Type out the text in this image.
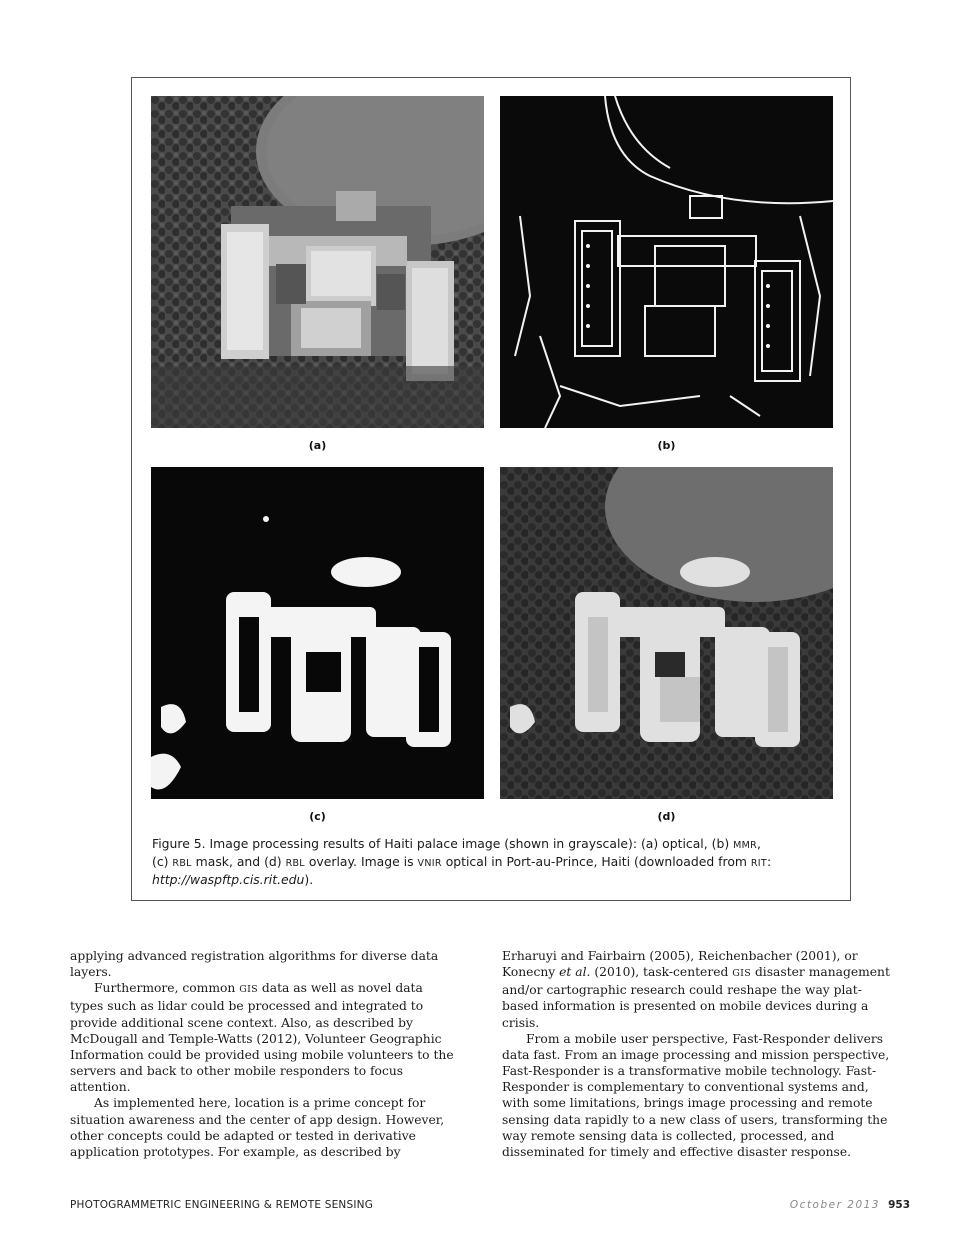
(a)	(b)
(c)	(d)
Figure 5. Image processing results of Haiti palace image (shown in grayscale): (a) optical, (b) MMR,
(c) RBL mask, and (d) RBL overlay. Image is VNIR optical in Port-au-Prince, Haiti (downloaded from RIT:
http://waspftp.cis.rit.edu).

applying advanced registration algorithms for diverse data layers.

Furthermore, common GIS data as well as novel data types such as lidar could be processed and integrated to provide additional scene context. Also, as described by McDougall and Temple-Watts (2012), Volunteer Geographic Information could be provided using mobile volunteers to the servers and back to other mobile responders to focus attention.

As implemented here, location is a prime concept for situation awareness and the center of app design. However, other concepts could be adapted or tested in derivative application prototypes. For example, as described by

Erharuyi and Fairbairn (2005), Reichenbacher (2001), or Konecny et al. (2010), task-centered GIS disaster management and/or cartographic research could reshape the way plat-based information is presented on mobile devices during a crisis.

From a mobile user perspective, Fast-Responder delivers data fast. From an image processing and mission perspective, Fast-Responder is a transformative mobile technology. Fast-Responder is complementary to conventional systems and, with some limitations, brings image processing and remote sensing data rapidly to a new class of users, transforming the way remote sensing data is collected, processed, and disseminated for timely and effective disaster response.

PHOTOGRAMMETRIC ENGINEERING & REMOTE SENSING	October 2013 953
